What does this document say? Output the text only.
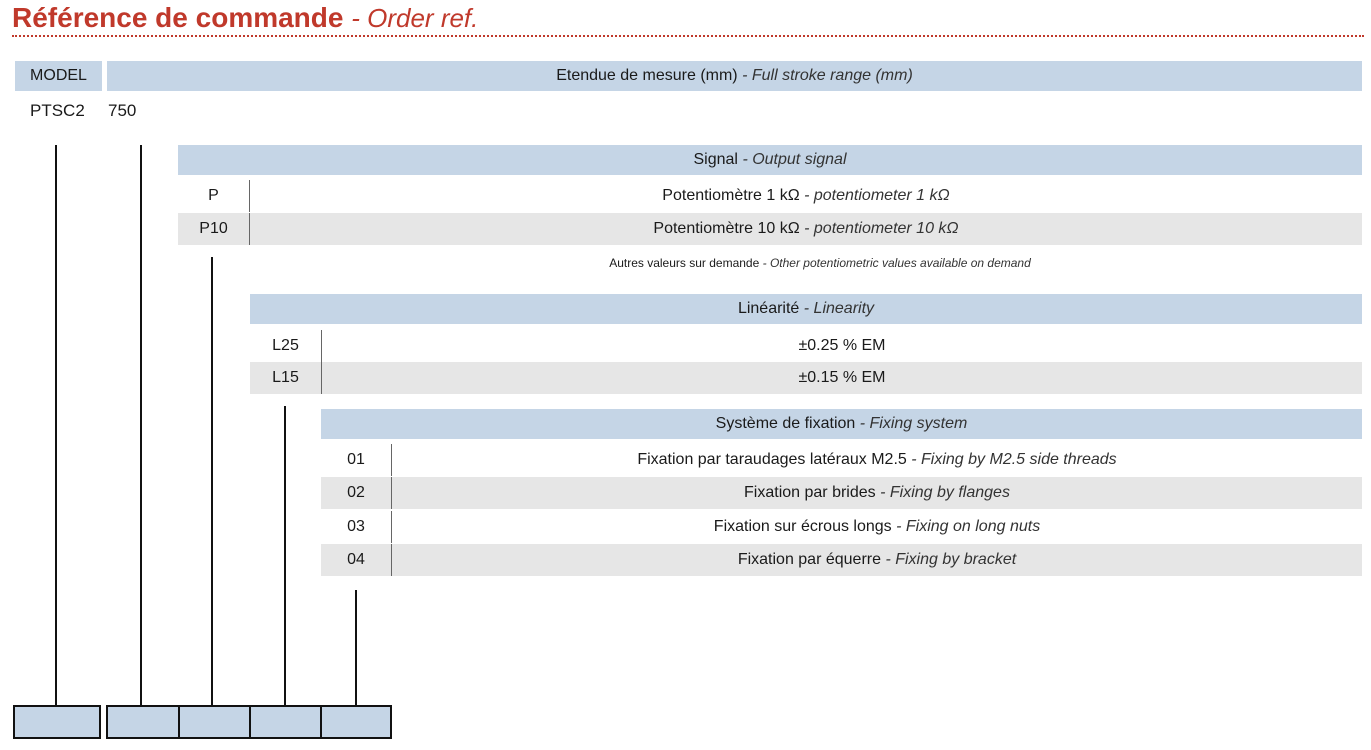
Référence de commande - Order ref.
MODEL	Etendue de mesure (mm)
- Full stroke range (mm)
PTSC2 750
Signal
- Output signal
P	Potentiomètre 1 kΩ - potentiometer 1 kΩ
P10	Potentiomètre 10 kΩ - potentiometer 10 kΩ
Autres valeurs sur demande - Other potentiometric values available on demand
Linéarité
- Linearity
L25	±0.25 % EM
L15	±0.15 % EM
Système de fixation
- Fixing system
01	Fixation par taraudages latéraux M2.5 - Fixing by M2.5 side threads
02	Fixation par brides - Fixing by flanges
03	Fixation sur écrous longs - Fixing on long nuts
04	Fixation par équerre - Fixing by bracket
